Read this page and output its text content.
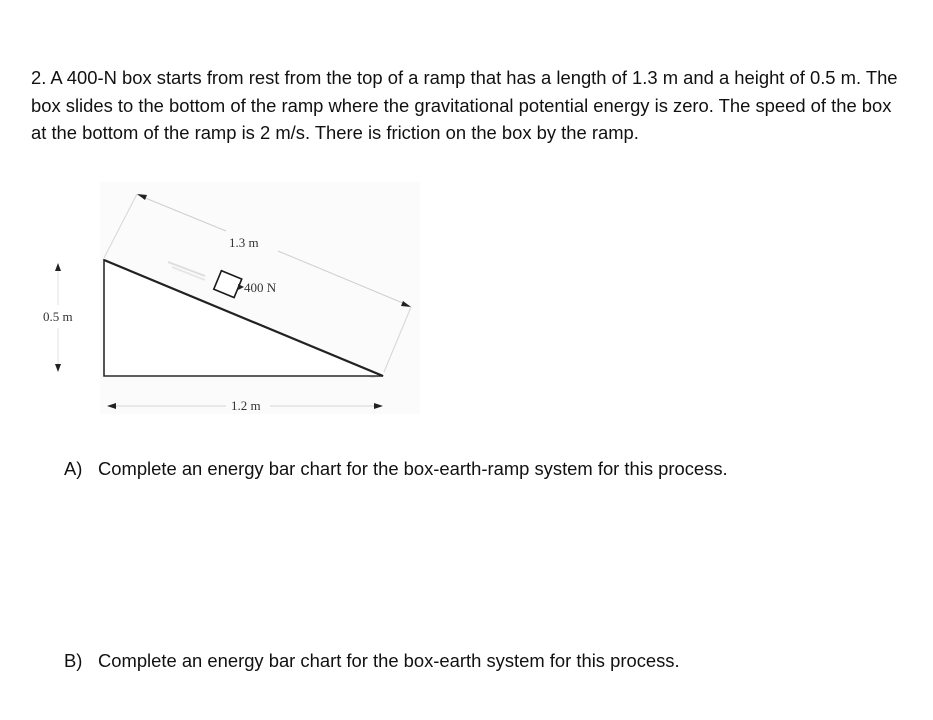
2. A 400-N box starts from rest from the top of a ramp that has a length of 1.3 m and a height of 0.5 m. The box slides to the bottom of the ramp where the gravitational potential energy is zero. The speed of the box at the bottom of the ramp is 2 m/s. There is friction on the box by the ramp.

400 N
1.3 m
0.5 m
1.2 m

A) Complete an energy bar chart for the box-earth-ramp system for this process.

B) Complete an energy bar chart for the box-earth system for this process.
